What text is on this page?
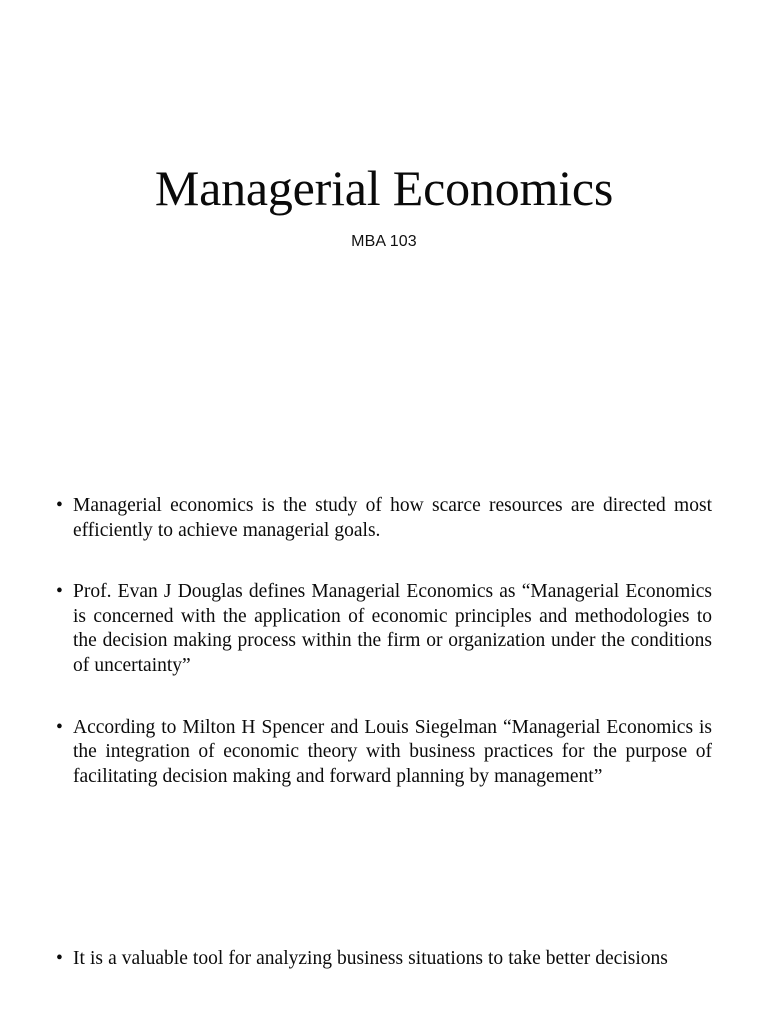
Managerial Economics
MBA 103
• Managerial economics is the study of how scarce resources are directed most efficiently to achieve managerial goals.
• Prof. Evan J Douglas defines Managerial Economics as “Managerial Economics is concerned with the application of economic principles and methodologies to the decision making process within the firm or organization under the conditions of uncertainty”
• According to Milton H Spencer and Louis Siegelman “Managerial Economics is the integration of economic theory with business practices for the purpose of facilitating decision making and forward planning by management”
• It is a valuable tool for analyzing business situations to take better decisions
